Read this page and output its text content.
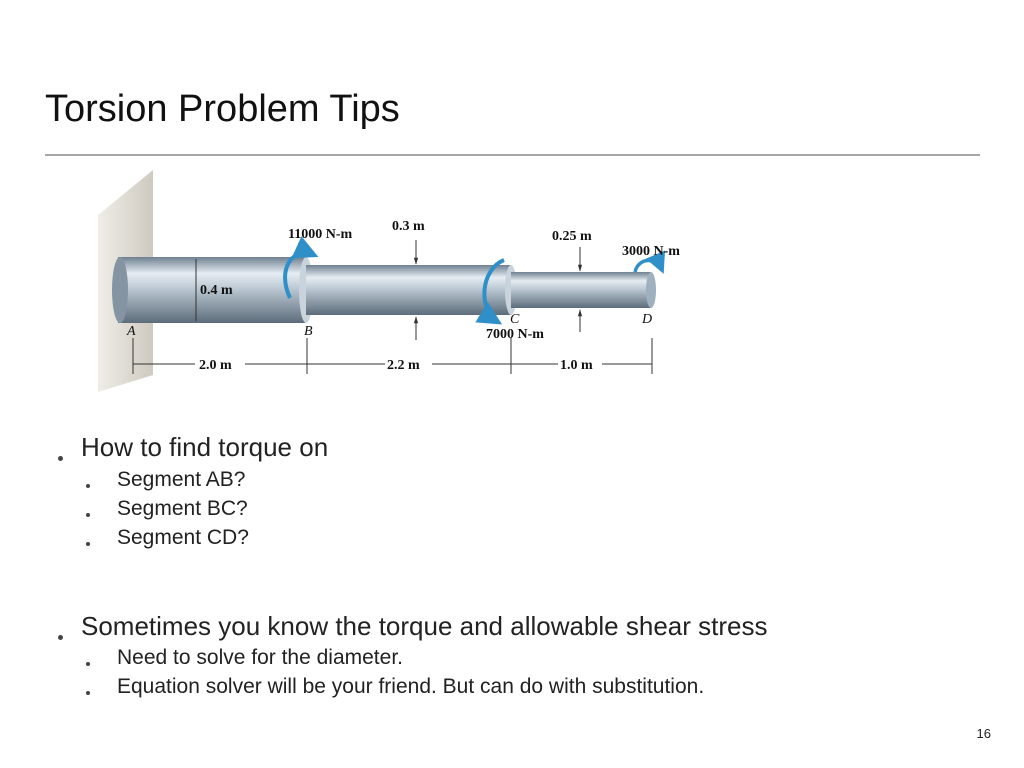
Torsion Problem Tips
11000 N-m
7000 N-m
3000 N-m
0.4 m
0.3 m
0.25 m
2.0 m	2.2 m	1.0 m
A	B
C	D
How to find torque on
Segment AB?
Segment BC?
Segment CD?
Sometimes you know the torque and allowable shear stress
Need to solve for the diameter.
Equation solver will be your friend. But can do with substitution.
16
